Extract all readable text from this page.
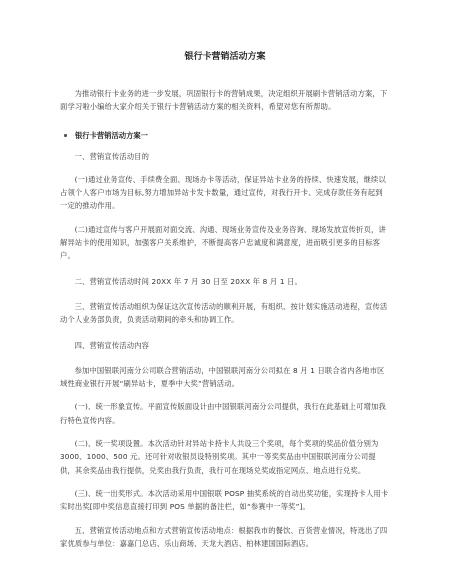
银行卡营销活动方案

为推动银行卡业务的进一步发展，巩固银行卡的营销成果，决定组织开展刷卡营销活动方案，下面学习啦小编给大家介绍关于银行卡营销活动方案的相关资料，希望对您有所帮助。

银行卡营销活动方案一

一、营销宣传活动目的

(一)通过业务宣传、手续费全面、现场办卡等活动，保证异站卡业务的持续、快速发展，继续以占领个人客户市场为目标,努力增加异站卡发卡数量，通过宣传，对我行开卡、完成存款任务有起到一定的推动作用。

(二)通过宣传与客户开展面对面交流、沟通、现场业务宣传及业务咨询、现场发放宣传折页，讲解异站卡的使用知识，加强客户关系维护，不断提高客户忠诚度和满意度，进而吸引更多的目标客户。

二、营销宣传活动时间 20XX 年 7 月 30 日至 20XX 年 8 月 1 日。

三、营销宣传活动组织为保证这次宣传活动的顺利开展，有组织、按计划实施活动进程，宣传活动个人业务部负责，负责活动期间的牵头和协调工作。

四、营销宣传活动内容

参加中国银联河南分公司联合营销活动，中国银联河南分公司拟在 8 月 1 日联合省内各地市区域性商业银行开展“刷异站卡，夏季中大奖”营销活动。

(一)、统一形象宣传。平面宣传版面设计由中国银联河南分公司提供，我行在此基础上可增加我行特色宣传内容。

(二)、统一奖项设置。本次活动针对异站卡持卡人共设三个奖项，每个奖项的奖品价值分别为 3000、1000、500 元。还可针对收银员设特别奖项。其中一等奖奖品由中国银联河南分公司提供，其余奖品由我行提供，兑奖由我行负责，我行可在现场兑奖或指定网点、地点进行兑奖。

(三)、统一出奖形式。本次活动采用中国银联 POSP 抽奖系统的自动出奖功能，实现持卡人用卡实时出奖[即中奖信息直接打印到 POS 单据的备注栏，如“参赛中一等奖”]。

五、营销宣传活动地点和方式营销宣传活动地点：根据我市的餐饮、百货营业情况，特选出了四家优质参与单位：嘉嘉门总店、乐山商场、天龙大酒店、柏林建国国际酒店。
